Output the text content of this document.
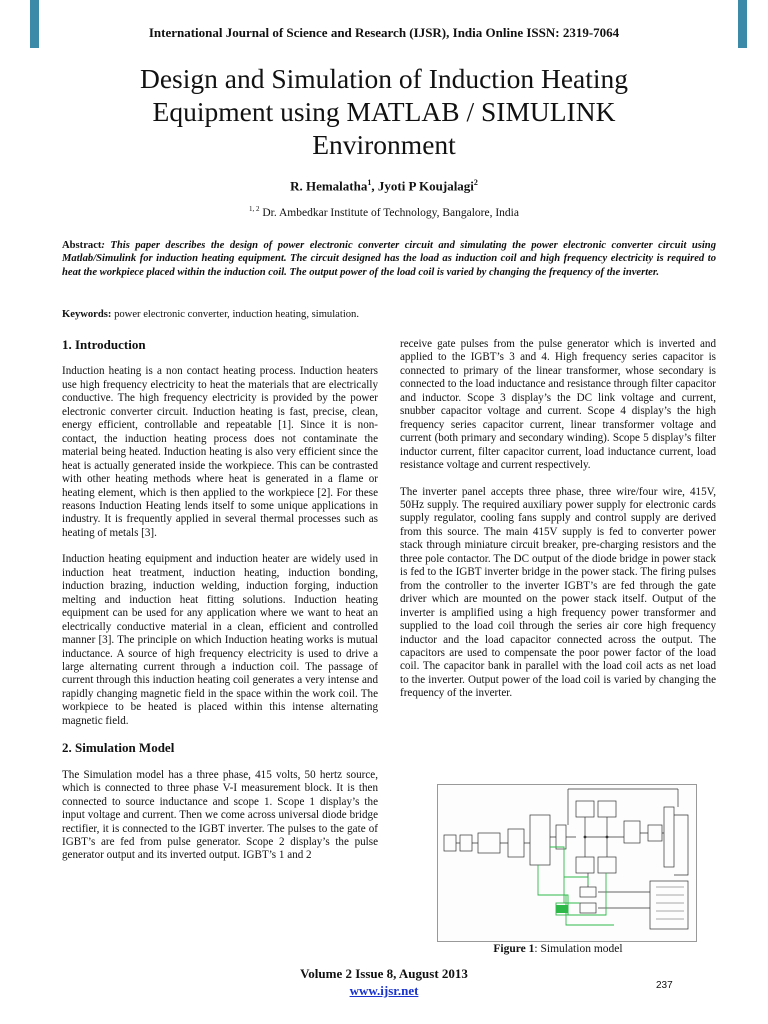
International Journal of Science and Research (IJSR), India Online ISSN: 2319-7064
Design and Simulation of Induction Heating Equipment using MATLAB / SIMULINK Environment
R. Hemalatha$^1$, Jyoti P Koujalagi$^2$
$^{1, 2}$ Dr. Ambedkar Institute of Technology, Bangalore, India
Abstract: This paper describes the design of power electronic converter circuit and simulating the power electronic converter circuit using Matlab/Simulink for induction heating equipment. The circuit designed has the load as induction coil and high frequency electricity is required to heat the workpiece placed within the induction coil. The output power of the load coil is varied by changing the frequency of the inverter.
Keywords: power electronic converter, induction heating, simulation.
1. Introduction

Induction heating is a non contact heating process. Induction heaters use high frequency electricity to heat the materials that are electrically conductive. The high frequency electricity is provided by the power electronic converter circuit. Induction heating is fast, precise, clean, energy efficient, controllable and repeatable [1]. Since it is non-contact, the induction heating process does not contaminate the material being heated. Induction heating is also very efficient since the heat is actually generated inside the workpiece. This can be contrasted with other heating methods where heat is generated in a flame or heating element, which is then applied to the workpiece [2]. For these reasons Induction Heating lends itself to some unique applications in industry. It is frequently applied in several thermal processes such as heating of metals [3].

Induction heating equipment and induction heater are widely used in induction heat treatment, induction heating, induction bonding, induction brazing, induction welding, induction forging, induction melting and induction heat fitting solutions. Induction heating equipment can be used for any application where we want to heat an electrically conductive material in a clean, efficient and controlled manner [3]. The principle on which Induction heating works is mutual inductance. A source of high frequency electricity is used to drive a large alternating current through a induction coil. The passage of current through this induction heating coil generates a very intense and rapidly changing magnetic field in the space within the work coil. The workpiece to be heated is placed within this intense alternating magnetic field.

2. Simulation Model

The Simulation model has a three phase, 415 volts, 50 hertz source, which is connected to three phase V-I measurement block. It is then connected to source inductance and scope 1. Scope 1 display’s the input voltage and current. Then we come across universal diode bridge rectifier, it is connected to the IGBT inverter. The pulses to the gate of IGBT’s are fed from pulse generator. Scope 2 display’s the pulse generator output and its inverted output. IGBT’s 1 and 2

receive gate pulses from the pulse generator which is inverted and applied to the IGBT’s 3 and 4. High frequency series capacitor is connected to primary of the linear transformer, whose secondary is connected to the load inductance and resistance through filter capacitor and inductor. Scope 3 display’s the DC link voltage and current, snubber capacitor voltage and current. Scope 4 display’s the high frequency series capacitor current, linear transformer voltage and current (both primary and secondary winding). Scope 5 display’s filter inductor current, filter capacitor current, load inductance current, load resistance voltage and current respectively.

The inverter panel accepts three phase, three wire/four wire, 415V, 50Hz supply. The required auxiliary power supply for electronic cards supply regulator, cooling fans supply and control supply are derived from this source. The main 415V supply is fed to converter power stack through miniature circuit breaker, pre-charging resistors and the three pole contactor. The DC output of the diode bridge in power stack is fed to the IGBT inverter bridge in the power stack. The firing pulses from the controller to the inverter IGBT’s are fed through the gate driver which are mounted on the power stack itself. Output of the inverter is amplified using a high frequency power transformer and supplied to the load coil through the series air core high frequency inductor and the load capacitor connected across the output. The capacitors are used to compensate the poor power factor of the load coil. The capacitor bank in parallel with the load coil acts as net load to the inverter. Output power of the load coil is varied by changing the frequency of the inverter.

Figure 1: Simulation model
Volume 2 Issue 8, August 2013
www.ijsr.net	237
